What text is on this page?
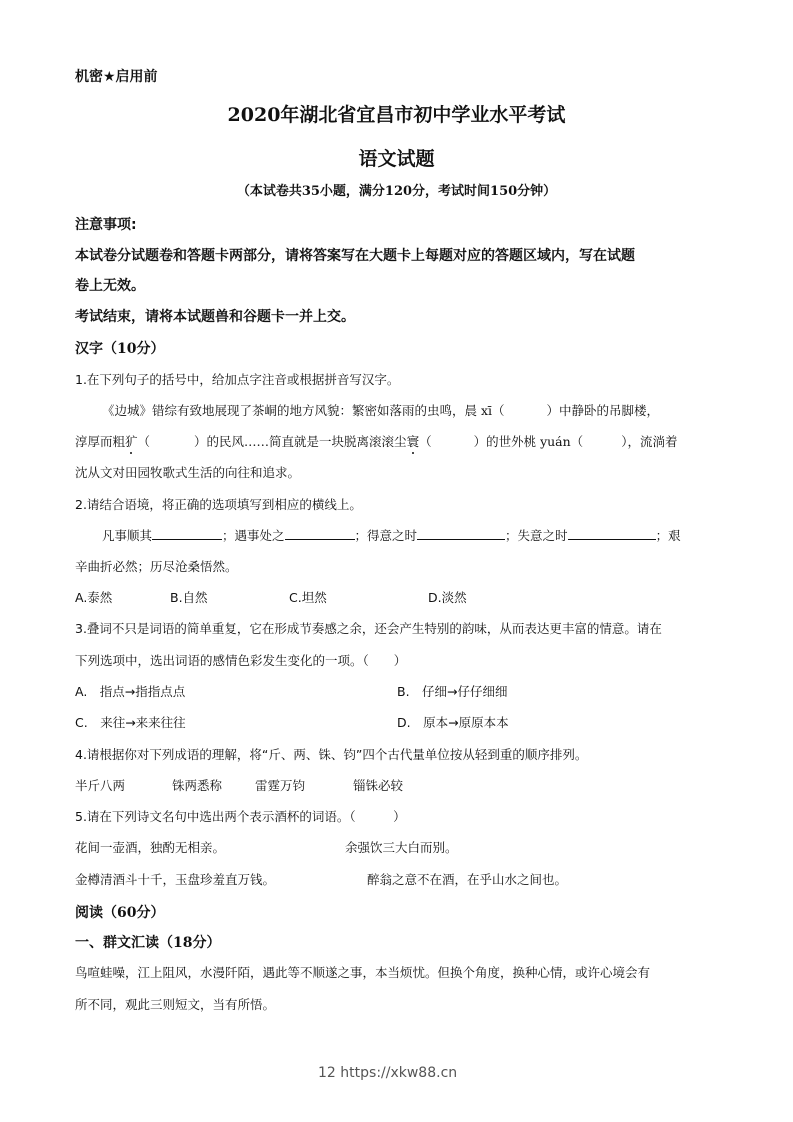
机密★启用前
2020年湖北省宜昌市初中学业水平考试
语文试题
（本试卷共35小题，满分120分，考试时间150分钟）
注意事项:
本试卷分试题卷和答题卡两部分，请将答案写在大题卡上每题对应的答题区域内，写在试题
卷上无效。
考试结束，请将本试题兽和谷题卡一并上交。
汉字（10分）
1.在下列句子的括号中，给加点字注音或根据拼音写汉字。
《边城》错综有致地展现了茶峒的地方风貌：繁密如落雨的虫鸣，晨 xī（	）中静卧的吊脚楼，
淳厚而粗犷（	）的民风……简直就是一块脱离滚滚尘寰（	）的世外桃 yuán（	），流淌着
沈从文对田园牧歌式生活的向往和追求。
2.请结合语境，将正确的选项填写到相应的横线上。
凡事顺其	；遇事处之	；得意之时	；失意之时	；艰
辛曲折必然；历尽沧桑悟然。
A.泰然	B.自然	C.坦然	D.淡然
3.叠词不只是词语的简单重复，它在形成节奏感之余，还会产生特别的韵味，从而表达更丰富的情意。请在
下列选项中，选出词语的感情色彩发生变化的一项。（　　）
A.　指点→指指点点	B.　仔细→仔仔细细
C.　来往→来来往往	D.　原本→原原本本
4.请根据你对下列成语的理解，将“斤、两、铢、钧”四个古代量单位按从轻到重的顺序排列。
半斤八两	铢两悉称	雷霆万钧	锱铢必较
5.请在下列诗文名句中选出两个表示酒杯的词语。（　　　）
花间一壶酒，独酌无相亲。	余强饮三大白而别。
金樽清酒斗十千，玉盘珍羞直万钱。	醉翁之意不在酒，在乎山水之间也。
阅读（60分）
一、群文汇读（18分）
鸟喧蛙噪，江上阻风，水漫阡陌，遇此等不顺遂之事，本当烦忧。但换个角度，换种心情，或许心境会有
所不同，观此三则短文，当有所悟。
12 https://xkw88.cn
